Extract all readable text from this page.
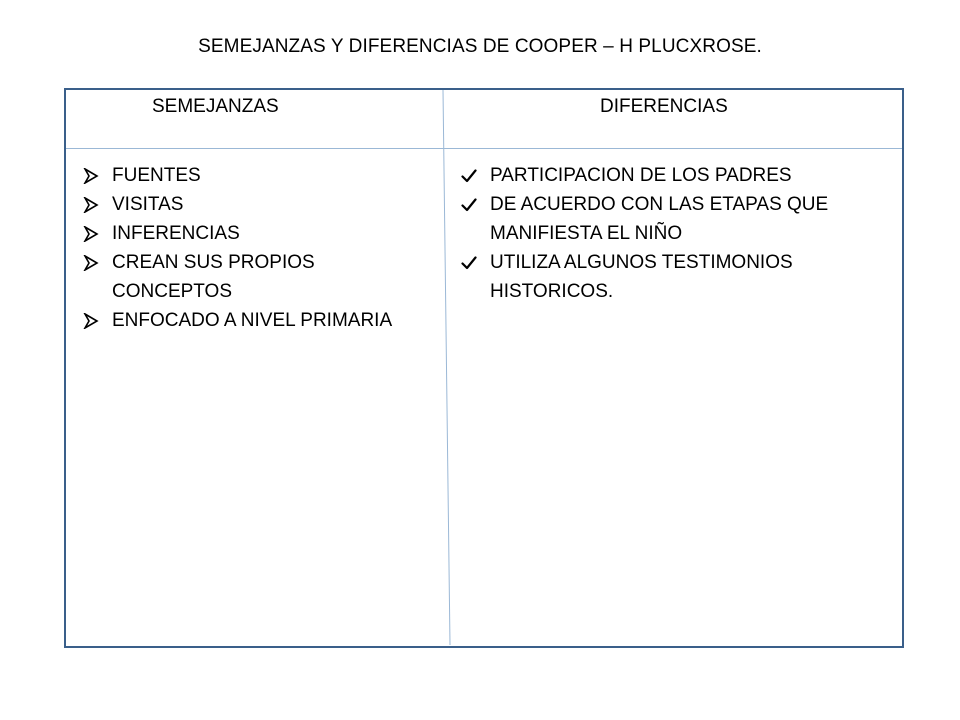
SEMEJANZAS Y DIFERENCIAS DE COOPER – H PLUCXROSE.
SEMEJANZAS	DIFERENCIAS
FUENTES
VISITAS
INFERENCIAS
CREAN SUS PROPIOS CONCEPTOS
ENFOCADO A NIVEL PRIMARIA
PARTICIPACION DE LOS PADRES
DE ACUERDO CON LAS ETAPAS QUE MANIFIESTA EL NIÑO
UTILIZA ALGUNOS TESTIMONIOS HISTORICOS.
